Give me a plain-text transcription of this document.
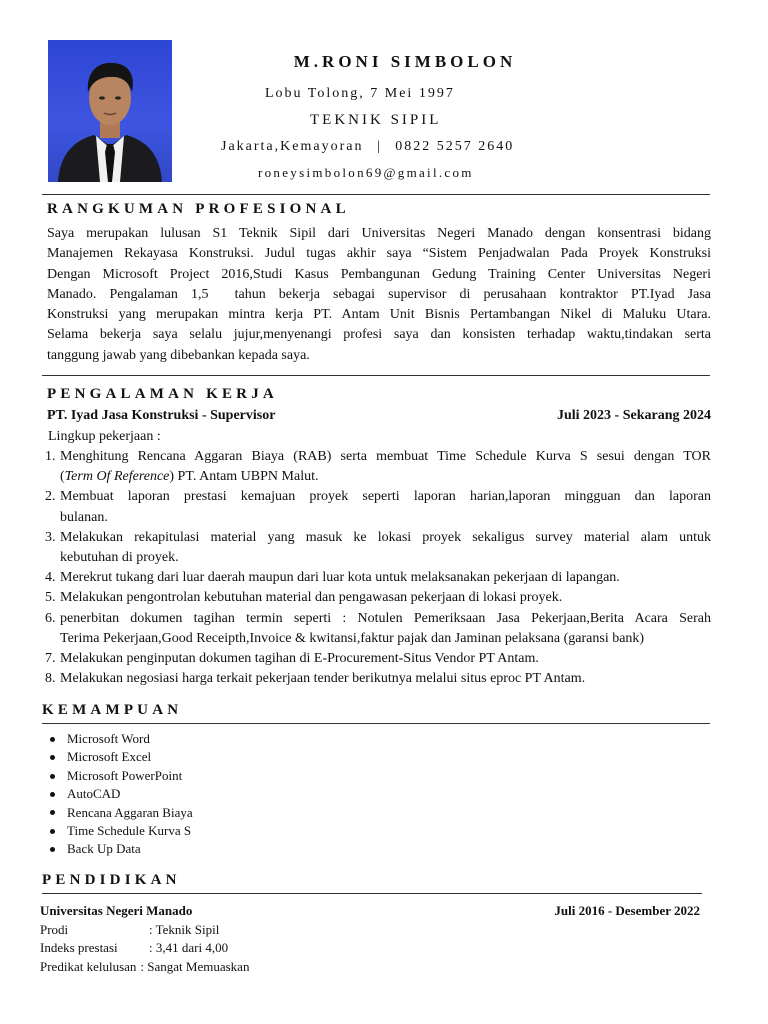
M.RONI SIMBOLON
Lobu Tolong, 7 Mei 1997
TEKNIK SIPIL
Jakarta,Kemayoran | 0822 5257 2640
roneysimbolon69@gmail.com
RANGKUMAN PROFESIONAL
Saya merupakan lulusan S1 Teknik Sipil dari Universitas Negeri Manado dengan konsentrasi bidang
Manajemen Rekayasa Konstruksi. Judul tugas akhir saya “Sistem Penjadwalan Pada Proyek Konstruksi
Dengan Microsoft Project 2016,Studi Kasus Pembangunan Gedung Training Center Universitas Negeri
Manado. Pengalaman 1,5  tahun bekerja sebagai supervisor di perusahaan kontraktor PT.Iyad Jasa
Konstruksi yang merupakan mintra kerja PT. Antam Unit Bisnis Pertambangan Nikel di Maluku Utara.
Selama bekerja saya selalu jujur,menyenangi profesi saya dan konsisten terhadap waktu,tindakan serta
tanggung jawab yang dibebankan kepada saya.
PENGALAMAN KERJA
PT. Iyad Jasa Konstruksi - Supervisor	Juli 2023 - Sekarang 2024
Lingkup pekerjaan :
1. Menghitung Rencana Aggaran Biaya (RAB) serta membuat Time Schedule Kurva S sesui dengan TOR
(Term Of Reference) PT. Antam UBPN Malut.
2. Membuat laporan prestasi kemajuan proyek seperti laporan harian,laporan mingguan dan laporan
bulanan.
3. Melakukan rekapitulasi material yang masuk ke lokasi proyek sekaligus survey material alam untuk
kebutuhan di proyek.
4. Merekrut tukang dari luar daerah maupun dari luar kota untuk melaksanakan pekerjaan di lapangan.
5. Melakukan pengontrolan kebutuhan material dan pengawasan pekerjaan di lokasi proyek.
6. penerbitan dokumen tagihan termin seperti : Notulen Pemeriksaan Jasa Pekerjaan,Berita Acara Serah
Terima Pekerjaan,Good Receipth,Invoice & kwitansi,faktur pajak dan Jaminan pelaksana (garansi bank)
7. Melakukan penginputan dokumen tagihan di E-Procurement-Situs Vendor PT Antam.
8. Melakukan negosiasi harga terkait pekerjaan tender berikutnya melalui situs eproc PT Antam.
KEMAMPUAN
Microsoft Word
Microsoft Excel
Microsoft PowerPoint
AutoCAD
Rencana Aggaran Biaya
Time Schedule Kurva S
Back Up Data
PENDIDIKAN
Universitas Negeri Manado	Juli 2016 - Desember 2022
Prodi	: Teknik Sipil
Indeks prestasi	: 3,41 dari 4,00
Predikat kelulusan : Sangat Memuaskan
